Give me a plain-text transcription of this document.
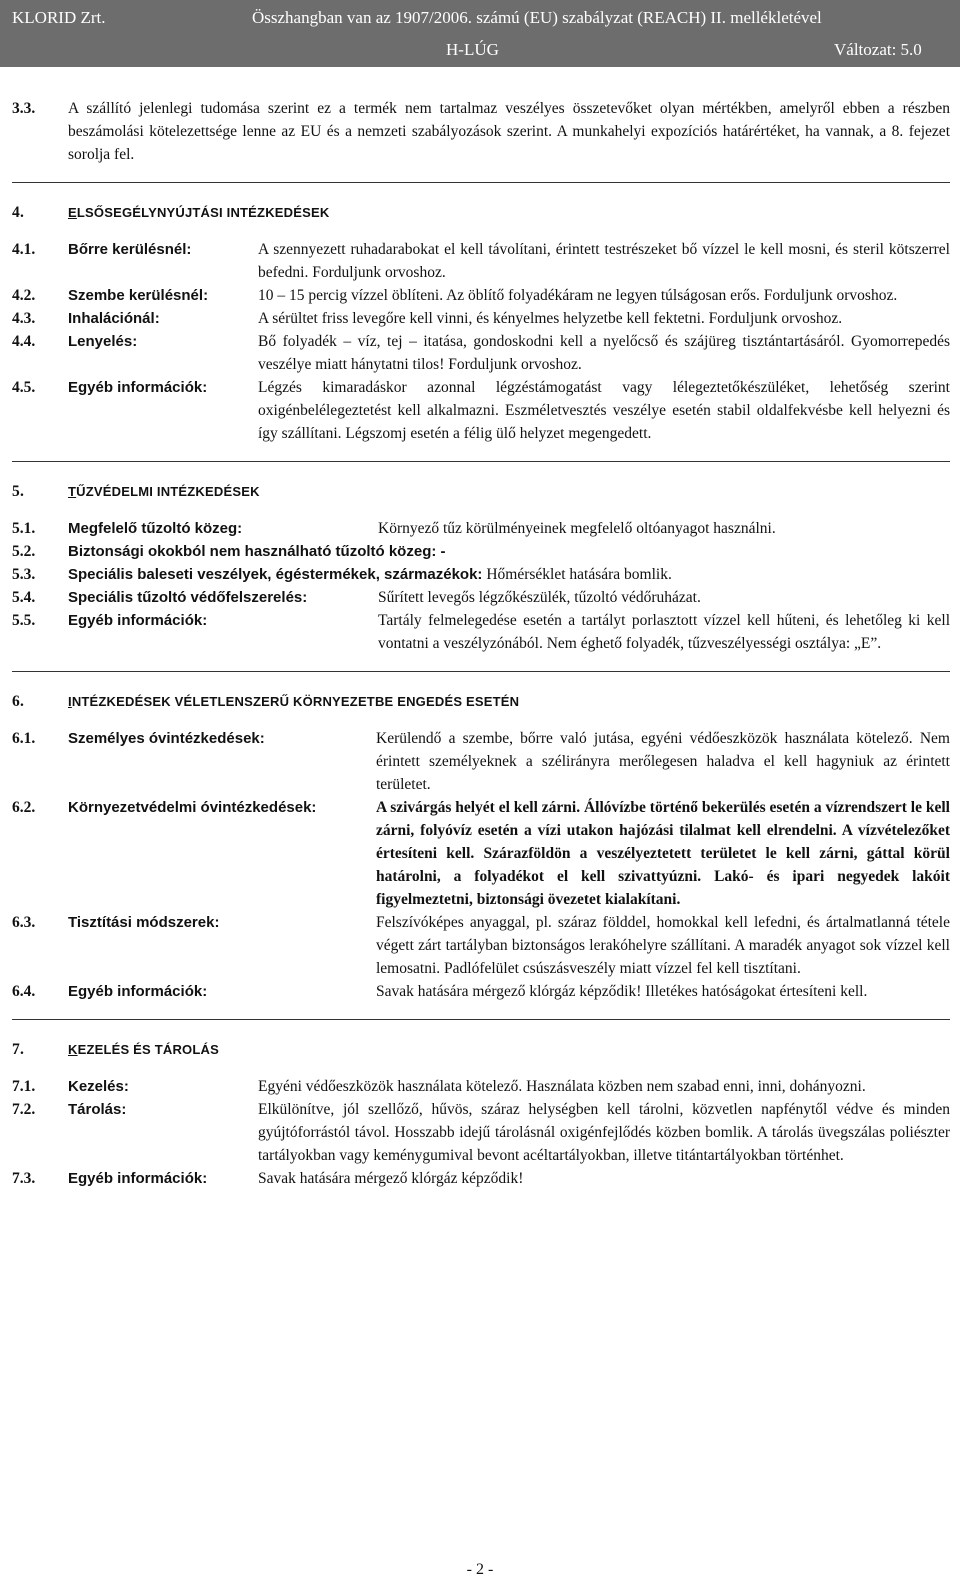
KLORID Zrt.	Összhangban van az 1907/2006. számú (EU) szabályzat (REACH) II. mellékletével
H-LÚG	Változat: 5.0
3.3.	A szállító jelenlegi tudomása szerint ez a termék nem tartalmaz veszélyes összetevőket olyan mértékben, amelyről ebben a részben beszámolási kötelezettsége lenne az EU és a nemzeti szabályozások szerint. A munkahelyi expozíciós határértéket, ha vannak, a 8. fejezet sorolja fel.
4.	ELSŐSEGÉLYNYÚJTÁSI INTÉZKEDÉSEK
4.1.	Bőrre kerülésnél:	A szennyezett ruhadarabokat el kell távolítani, érintett testrészeket bő vízzel le kell mosni, és steril kötszerrel befedni. Forduljunk orvoshoz.
4.2.	Szembe kerülésnél:	10 – 15 percig vízzel öblíteni. Az öblítő folyadékáram ne legyen túlságosan erős. Forduljunk orvoshoz.
4.3.	Inhalációnál:	A sérültet friss levegőre kell vinni, és kényelmes helyzetbe kell fektetni. Forduljunk orvoshoz.
4.4.	Lenyelés:	Bő folyadék – víz, tej – itatása, gondoskodni kell a nyelőcső és szájüreg tisztántartásáról. Gyomorrepedés veszélye miatt hánytatni tilos! Forduljunk orvoshoz.
4.5.	Egyéb információk:	Légzés kimaradáskor azonnal légzéstámogatást vagy lélegeztetőkészüléket, lehetőség szerint oxigénbelélegeztetést kell alkalmazni. Eszméletvesztés veszélye esetén stabil oldalfekvésbe kell helyezni és így szállítani. Légszomj esetén a félig ülő helyzet megengedett.
5.	TŰZVÉDELMI INTÉZKEDÉSEK
5.1.	Megfelelő tűzoltó közeg:	Környező tűz körülményeinek megfelelő oltóanyagot használni.
5.2.	Biztonsági okokból nem használható tűzoltó közeg: -
5.3.	Speciális baleseti veszélyek, égéstermékek, származékok: Hőmérséklet hatására bomlik.
5.4.	Speciális tűzoltó védőfelszerelés:	Sűrített levegős légzőkészülék, tűzoltó védőruházat.
5.5.	Egyéb információk:	Tartály felmelegedése esetén a tartályt porlasztott vízzel kell hűteni, és lehetőleg ki kell vontatni a veszélyzónából. Nem éghető folyadék, tűzveszélyességi osztálya: „E”.
6.	INTÉZKEDÉSEK VÉLETLENSZERŰ KÖRNYEZETBE ENGEDÉS ESETÉN
6.1.	Személyes óvintézkedések:	Kerülendő a szembe, bőrre való jutása, egyéni védőeszközök használata kötelező. Nem érintett személyeknek a szélirányra merőlegesen haladva el kell hagyniuk az érintett területet.
6.2.	Környezetvédelmi óvintézkedések:	A szivárgás helyét el kell zárni. Állóvízbe történő bekerülés esetén a vízrendszert le kell zárni, folyóvíz esetén a vízi utakon hajózási tilalmat kell elrendelni. A vízvételezőket értesíteni kell. Szárazföldön a veszélyeztetett területet le kell zárni, gáttal körül határolni, a folyadékot el kell szivattyúzni. Lakó- és ipari negyedek lakóit figyelmeztetni, biztonsági övezetet kialakítani.
6.3.	Tisztítási módszerek:	Felszívóképes anyaggal, pl. száraz földdel, homokkal kell lefedni, és ártalmatlanná tétele végett zárt tartályban biztonságos lerakóhelyre szállítani. A maradék anyagot sok vízzel kell lemosatni. Padlófelület csúszásveszély miatt vízzel fel kell tisztítani.
6.4.	Egyéb információk:	Savak hatására mérgező klórgáz képződik! Illetékes hatóságokat értesíteni kell.
7.	KEZELÉS ÉS TÁROLÁS
7.1.	Kezelés:	Egyéni védőeszközök használata kötelező. Használata közben nem szabad enni, inni, dohányozni.
7.2.	Tárolás:	Elkülönítve, jól szellőző, hűvös, száraz helységben kell tárolni, közvetlen napfénytől védve és minden gyújtóforrástól távol. Hosszabb idejű tárolásnál oxigénfejlődés közben bomlik. A tárolás üvegszálas poliészter tartályokban vagy keménygumival bevont acéltartályokban, illetve titántartályokban történhet.
7.3.	Egyéb információk:	Savak hatására mérgező klórgáz képződik!
- 2 -
